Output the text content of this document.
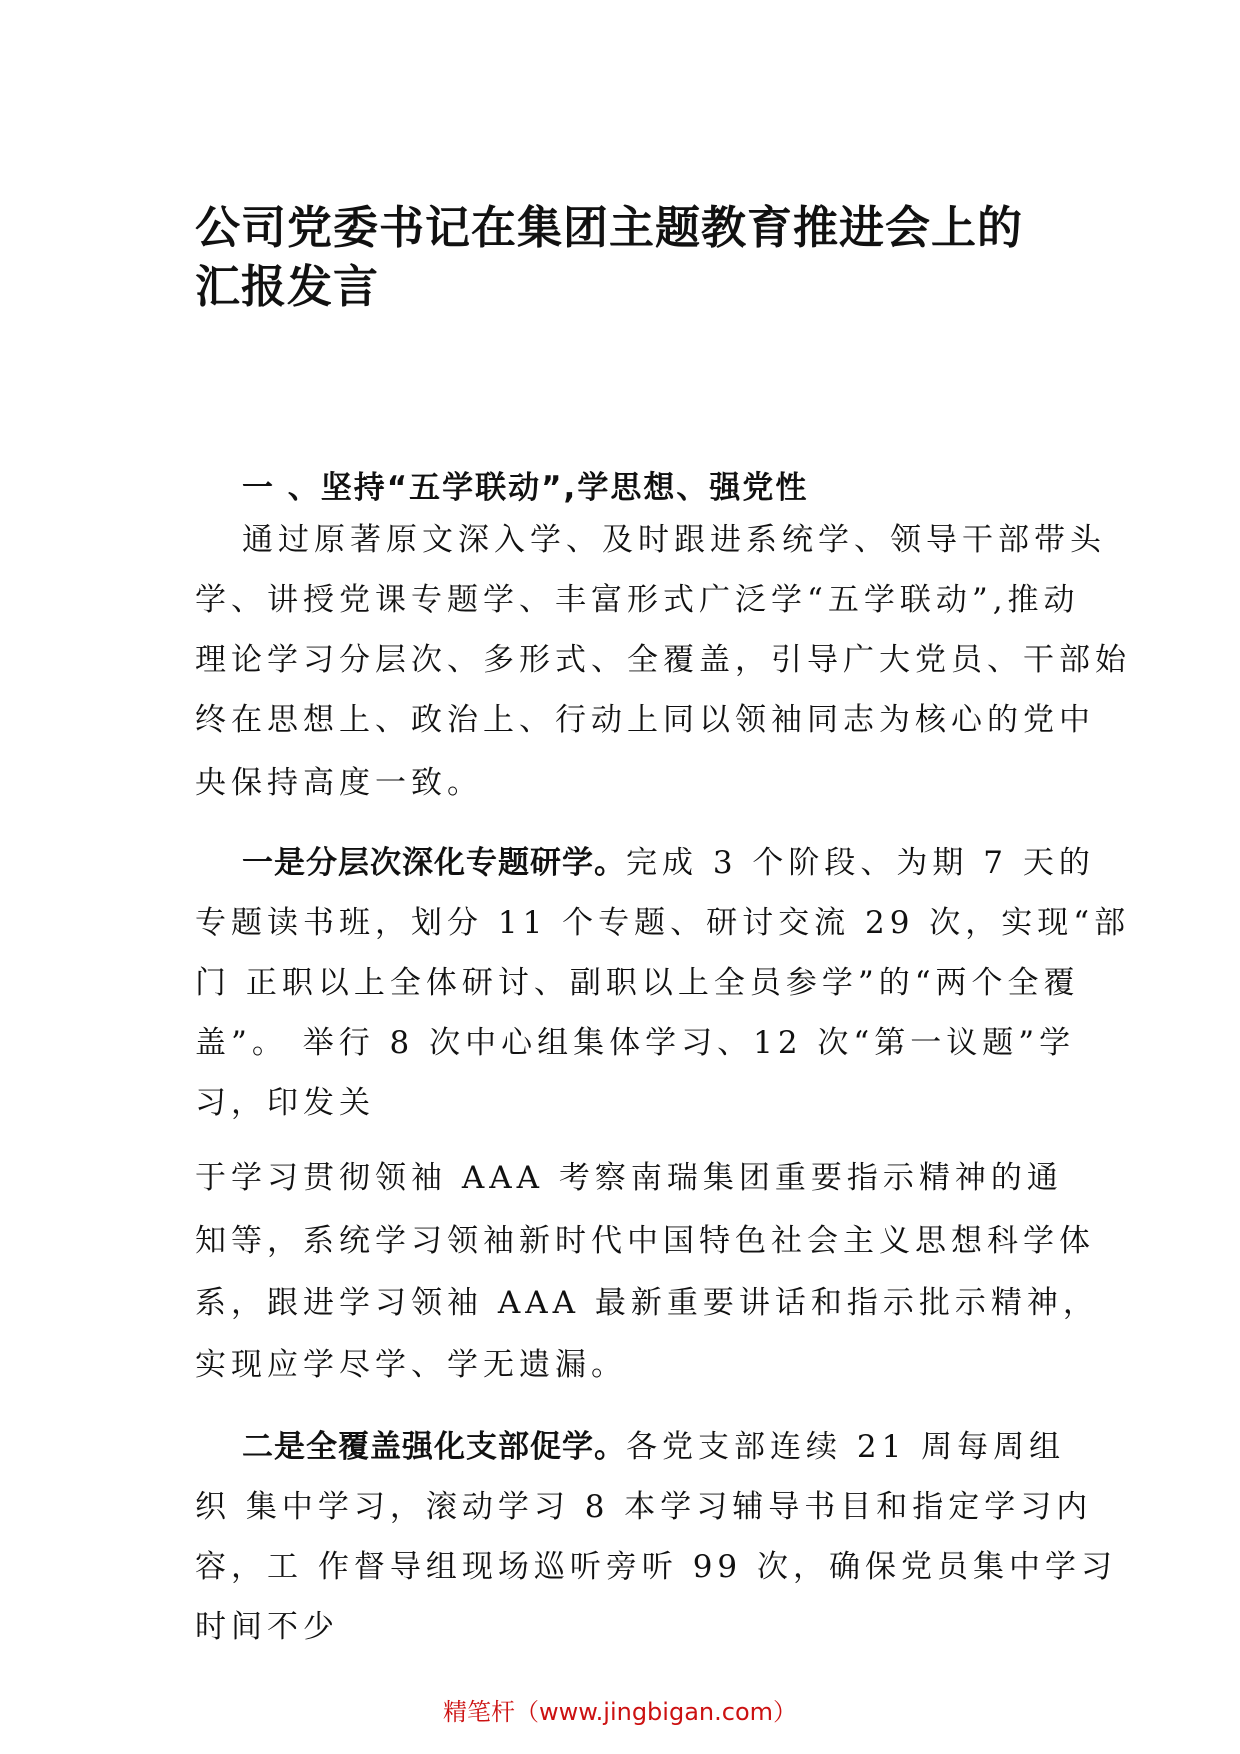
公司党委书记在集团主题教育推进会上的
汇报发言
一 、坚持“五学联动”,学思想、强党性

通过原著原文深入学、及时跟进系统学、领导干部带头

学、讲授党课专题学、丰富形式广泛学“五学联动”,推动

理论学习分层次、多形式、全覆盖，引导广大党员、干部始

终在思想上、政治上、行动上同以领袖同志为核心的党中

央保持高度一致。

一是分层次深化专题研学。完成 3 个阶段、为期 7 天的

专题读书班，划分 11 个专题、研讨交流 29 次，实现“部

门 正职以上全体研讨、副职以上全员参学”的“两个全覆

盖”。 举行 8 次中心组集体学习、12 次“第一议题”学

习，印发关

于学习贯彻领袖 AAA 考察南瑞集团重要指示精神的通

知等，系统学习领袖新时代中国特色社会主义思想科学体

系，跟进学习领袖 AAA 最新重要讲话和指示批示精神，

实现应学尽学、学无遗漏。

二是全覆盖强化支部促学。各党支部连续 21 周每周组

织 集中学习，滚动学习 8 本学习辅导书目和指定学习内

容，工 作督导组现场巡听旁听 99 次，确保党员集中学习

时间不少

精笔杆（www.jingbigan.com）
